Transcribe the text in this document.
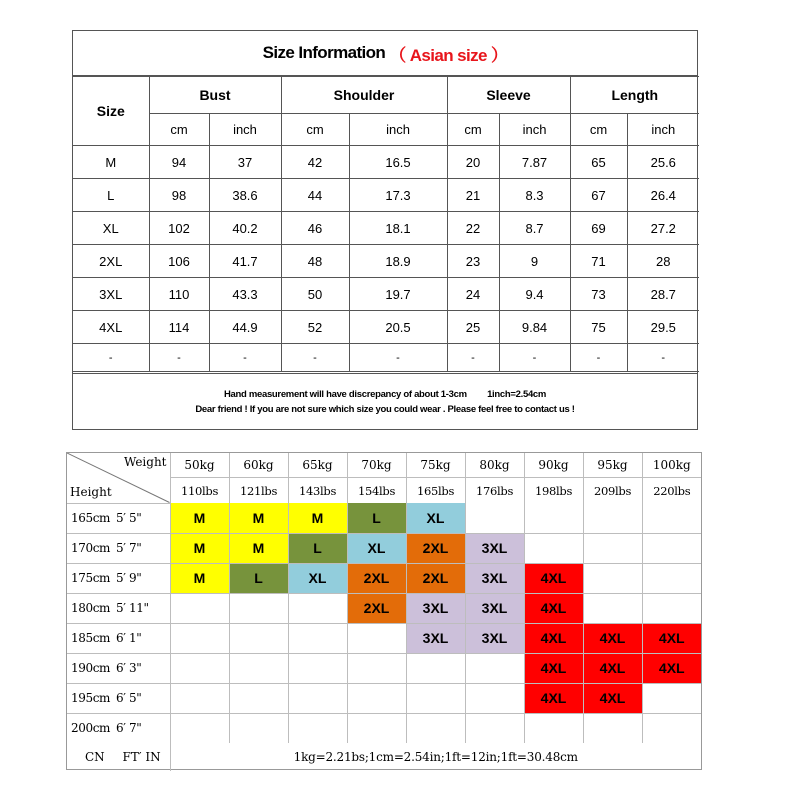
Size Information （ Asian size ）
Size	Bust		Shoulder		Sleeve		Length	
	cm	inch	cm	inch	cm	inch	cm	inch
M	94	37	42	16.5	20	7.87	65	25.6
L	98	38.6	44	17.3	21	8.3	67	26.4
XL	102	40.2	46	18.1	22	8.7	69	27.2
2XL	106	41.7	48	18.9	23	9	71	28
3XL	110	43.3	50	19.7	24	9.4	73	28.7
4XL	114	44.9	52	20.5	25	9.84	75	29.5
-	-	-	-	-	-	-	-	-
Hand measurement will have discrepancy of about 1-3cm 1inch=2.54cm
Dear friend ! If you are not sure which size you could wear . Please feel free to contact us !
Weight
Height	50kg	60kg	65kg	70kg	75kg	80kg	90kg	95kg	100kg
	110lbs	121lbs	143lbs	154lbs	165lbs	176lbs	198lbs	209lbs	220lbs
165cm 5′ 5"	M	M	M	L	XL				
170cm 5′ 7"	M	M	L	XL	2XL	3XL			
175cm 5′ 9"	M	L	XL	2XL	2XL	3XL	4XL		
180cm 5′ 11"				2XL	3XL	3XL	4XL		
185cm 6′ 1"					3XL	3XL	4XL	4XL	4XL
190cm 6′ 3"							4XL	4XL	4XL
195cm 6′ 5"							4XL	4XL	
200cm 6′ 7"									
CN FT′ IN	1kg=2.21bs;1cm=2.54in;1ft=12in;1ft=30.48cm								
